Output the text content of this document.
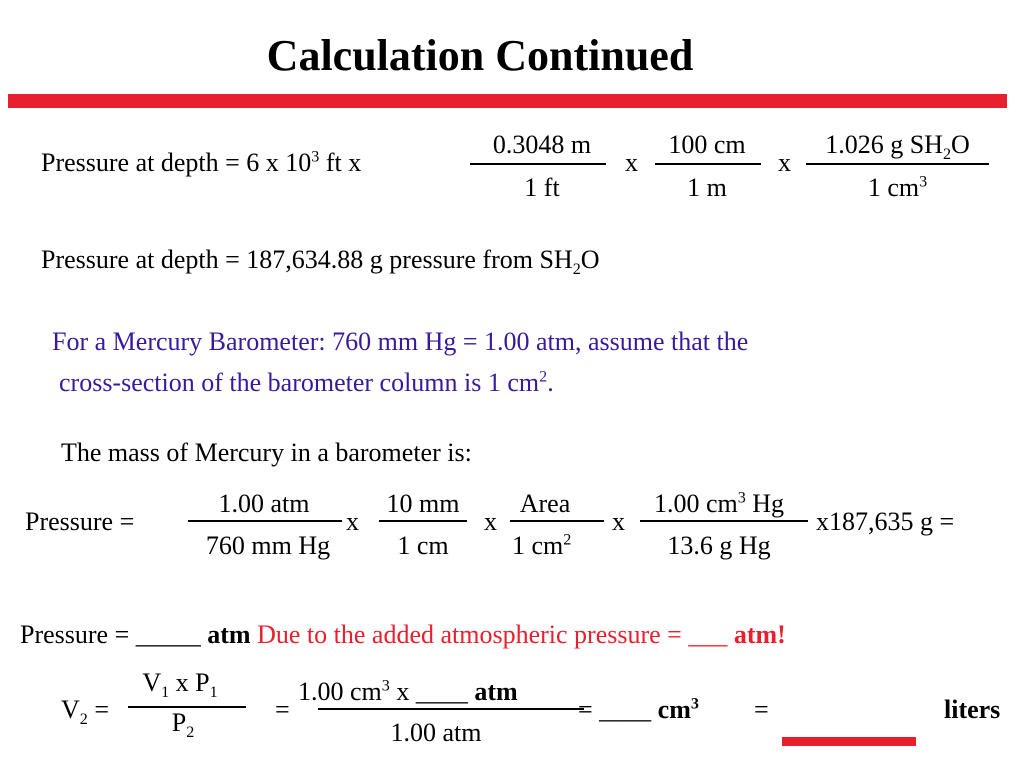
Calculation Continued
Pressure at depth = 6 x $10^3$ ft x
0.3048 m
1 ft
x
100 cm
1 m
x
1.026 g $SH_2O$
1 $cm^3$
Pressure at depth = 187,634.88 g pressure from $SH_2O$
For a Mercury Barometer: 760 mm Hg = 1.00 atm, assume that the
cross-section of the barometer column is 1 $cm^2$.
The mass of Mercury in a barometer is:
Pressure =
1.00 atm
760 mm Hg
x
10 mm
1 cm
x
Area
1 $cm^2$
x
1.00 $cm^3$ Hg
13.6 g Hg
x187,635 g =
Pressure = _____ atm Due to the added atmospheric pressure = ___ atm!
$V_2$ =
$V_1$ x $P_1$
$P_2$
=
1.00 $cm^3$ x ____ atm
1.00 atm
= ____ $cm^3$ =	liters
